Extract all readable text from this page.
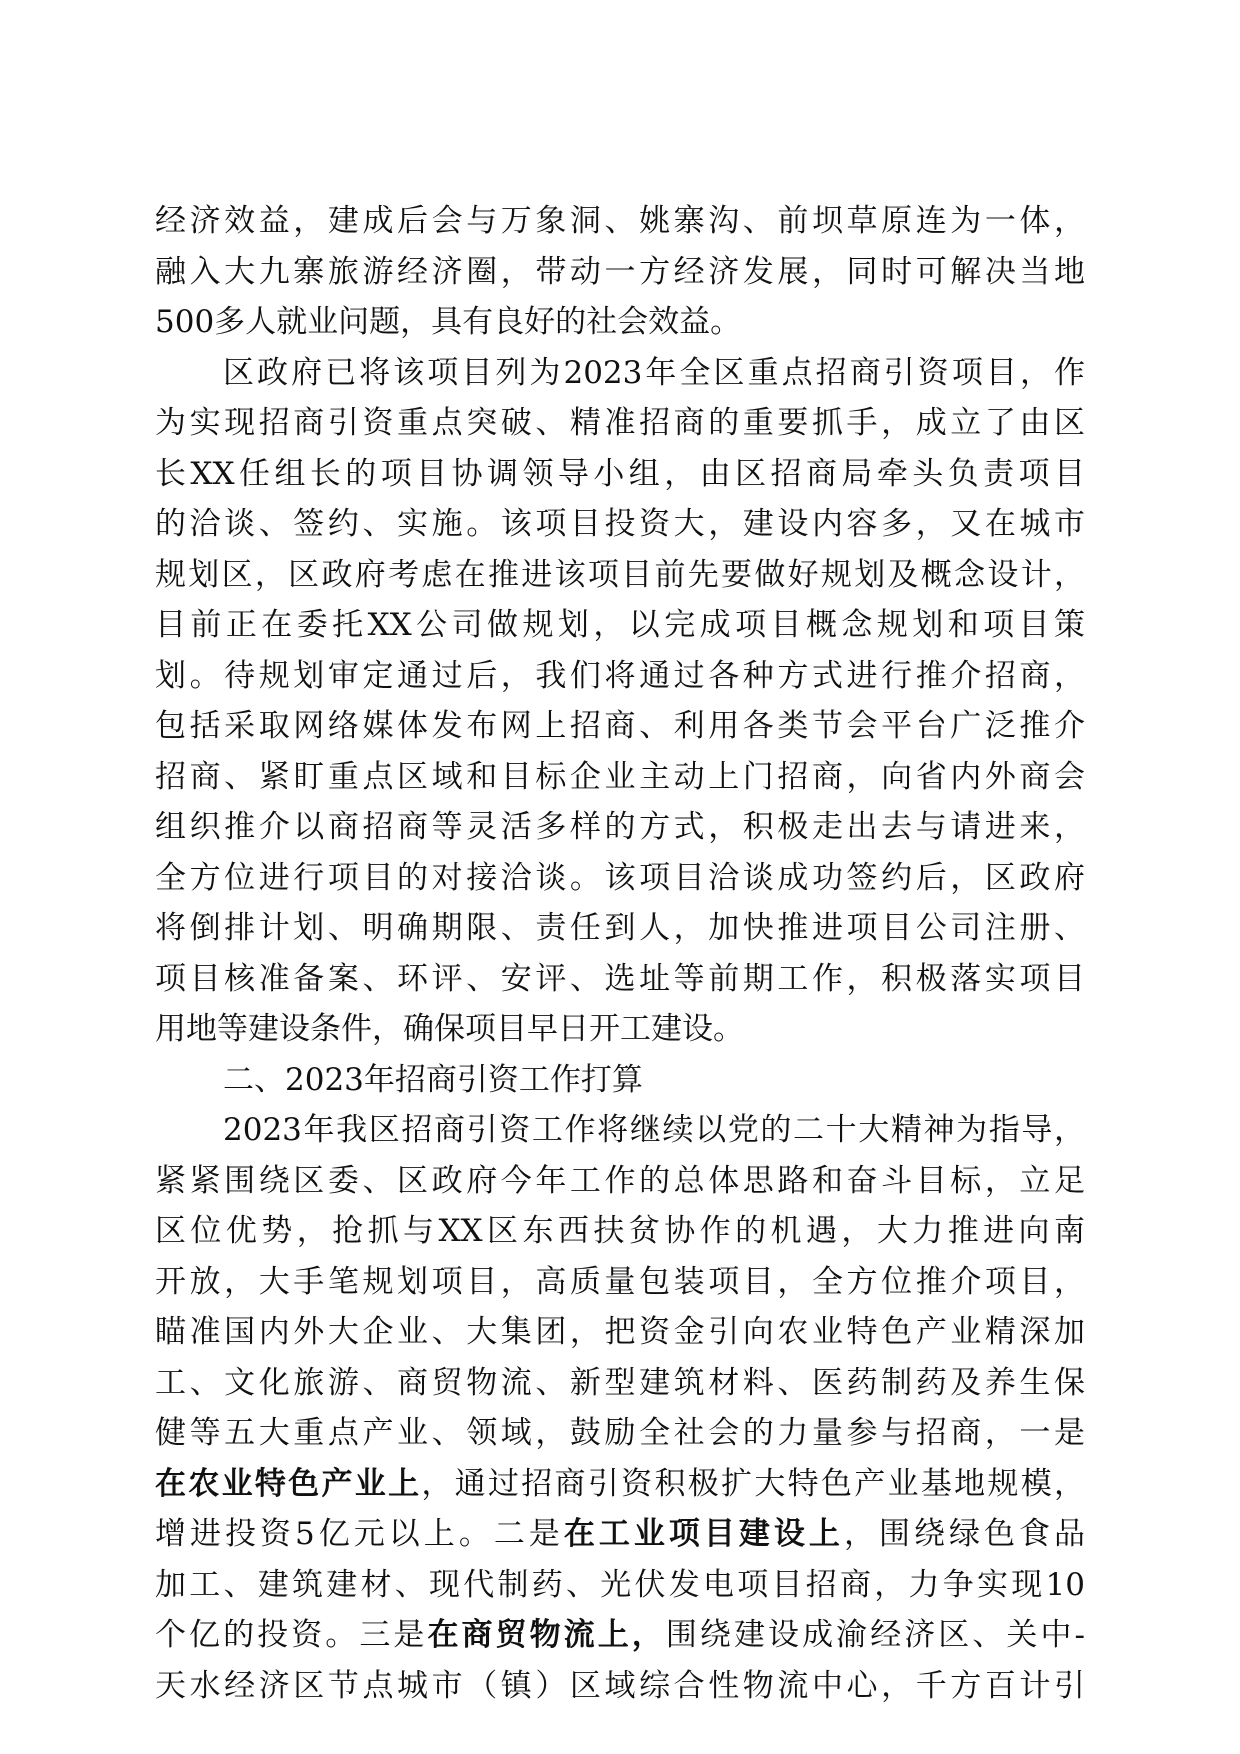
经济效益，建成后会与万象洞、姚寨沟、前坝草原连为一体，
融入大九寨旅游经济圈，带动一方经济发展，同时可解决当地
500多人就业问题，具有良好的社会效益。
区政府已将该项目列为2023年全区重点招商引资项目，作
为实现招商引资重点突破、精准招商的重要抓手，成立了由区
长XX任组长的项目协调领导小组，由区招商局牵头负责项目
的洽谈、签约、实施。该项目投资大，建设内容多，又在城市
规划区，区政府考虑在推进该项目前先要做好规划及概念设计，
目前正在委托XX公司做规划，以完成项目概念规划和项目策
划。待规划审定通过后，我们将通过各种方式进行推介招商，
包括采取网络媒体发布网上招商、利用各类节会平台广泛推介
招商、紧盯重点区域和目标企业主动上门招商，向省内外商会
组织推介以商招商等灵活多样的方式，积极走出去与请进来，
全方位进行项目的对接洽谈。该项目洽谈成功签约后，区政府
将倒排计划、明确期限、责任到人，加快推进项目公司注册、
项目核准备案、环评、安评、选址等前期工作，积极落实项目
用地等建设条件，确保项目早日开工建设。
二、2023年招商引资工作打算
2023年我区招商引资工作将继续以党的二十大精神为指导，
紧紧围绕区委、区政府今年工作的总体思路和奋斗目标，立足
区位优势，抢抓与XX区东西扶贫协作的机遇，大力推进向南
开放，大手笔规划项目，高质量包装项目，全方位推介项目，
瞄准国内外大企业、大集团，把资金引向农业特色产业精深加
工、文化旅游、商贸物流、新型建筑材料、医药制药及养生保
健等五大重点产业、领域，鼓励全社会的力量参与招商，一是
在农业特色产业上，通过招商引资积极扩大特色产业基地规模，
增进投资5亿元以上。二是在工业项目建设上，围绕绿色食品
加工、建筑建材、现代制药、光伏发电项目招商，力争实现10
个亿的投资。三是在商贸物流上，围绕建设成渝经济区、关中-
天水经济区节点城市（镇）区域综合性物流中心，千方百计引
